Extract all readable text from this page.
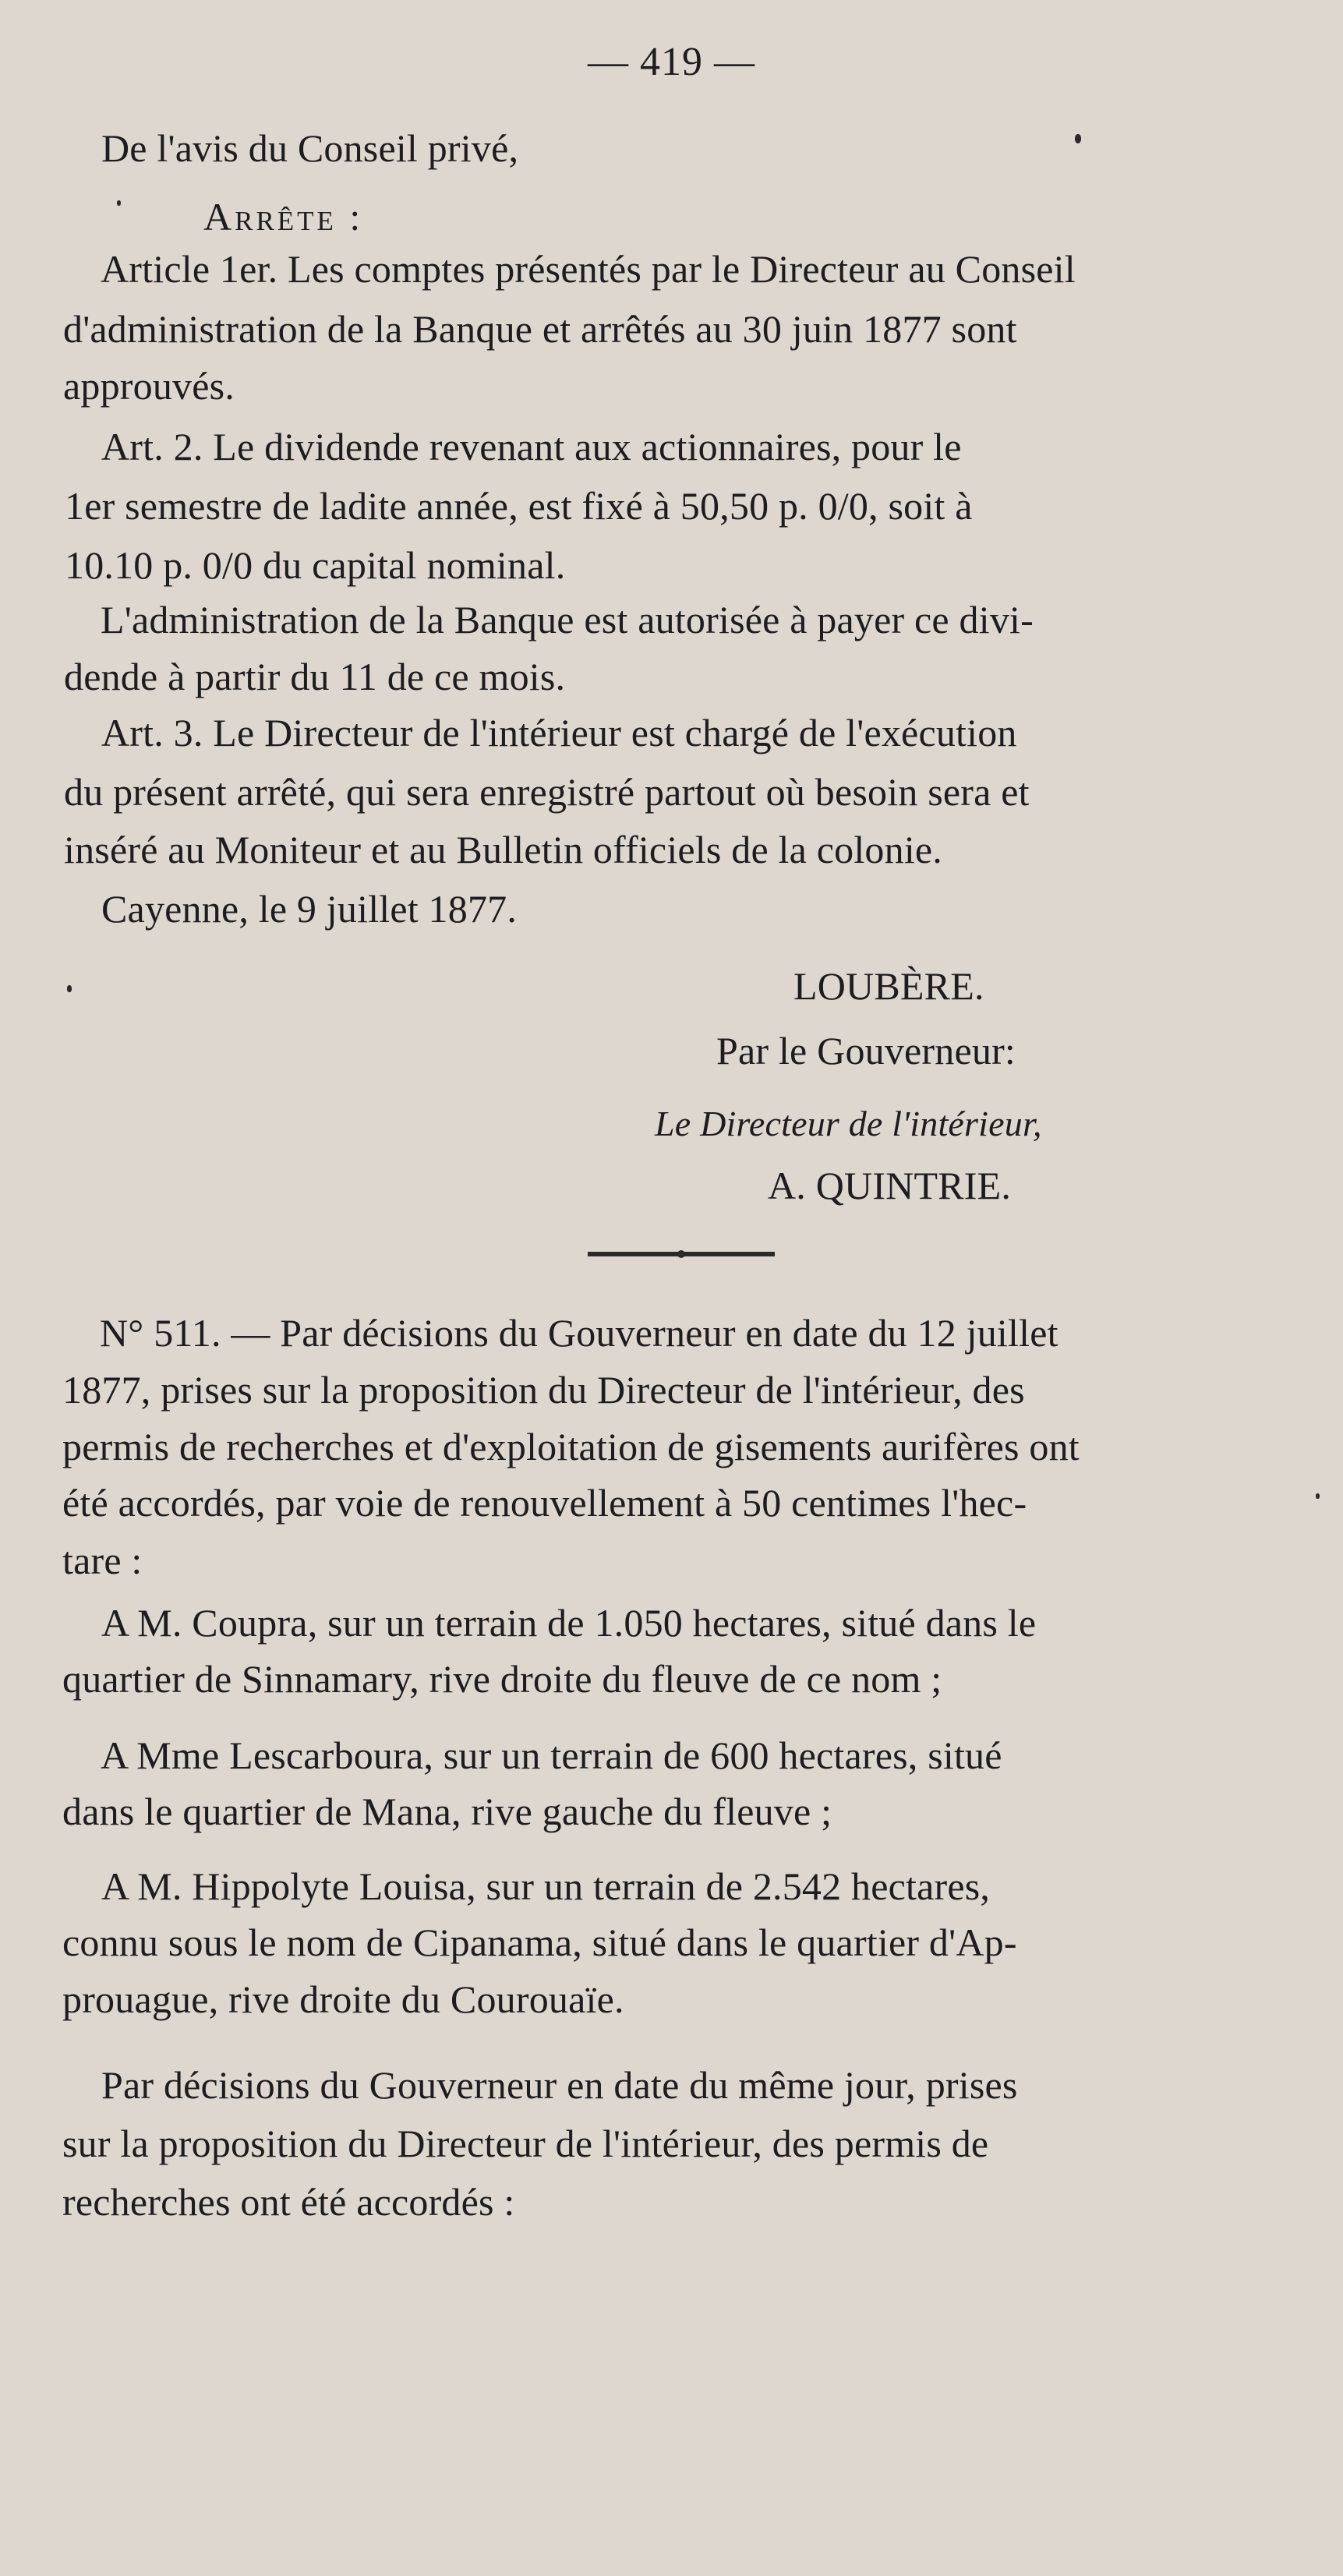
— 419 —
De l'avis du Conseil privé,
Arrête :
Article 1er. Les comptes présentés par le Directeur au Conseil
d'administration de la Banque et arrêtés au 30 juin 1877 sont
approuvés.
Art. 2. Le dividende revenant aux actionnaires, pour le
1er semestre de ladite année, est fixé à 50,50 p. 0/0, soit à
10.10 p. 0/0 du capital nominal.
L'administration de la Banque est autorisée à payer ce divi-
dende à partir du 11 de ce mois.
Art. 3. Le Directeur de l'intérieur est chargé de l'exécution
du présent arrêté, qui sera enregistré partout où besoin sera et
inséré au Moniteur et au Bulletin officiels de la colonie.
Cayenne, le 9 juillet 1877.
LOUBÈRE.
Par le Gouverneur:
Le Directeur de l'intérieur,
A. QUINTRIE.
N° 511. — Par décisions du Gouverneur en date du 12 juillet
1877, prises sur la proposition du Directeur de l'intérieur, des
permis de recherches et d'exploitation de gisements aurifères ont
été accordés, par voie de renouvellement à 50 centimes l'hec-
tare :
A M. Coupra, sur un terrain de 1.050 hectares, situé dans le
quartier de Sinnamary, rive droite du fleuve de ce nom ;
A Mme Lescarboura, sur un terrain de 600 hectares, situé
dans le quartier de Mana, rive gauche du fleuve ;
A M. Hippolyte Louisa, sur un terrain de 2.542 hectares,
connu sous le nom de Cipanama, situé dans le quartier d'Ap-
prouague, rive droite du Courouaïe.
Par décisions du Gouverneur en date du même jour, prises
sur la proposition du Directeur de l'intérieur, des permis de
recherches ont été accordés :
